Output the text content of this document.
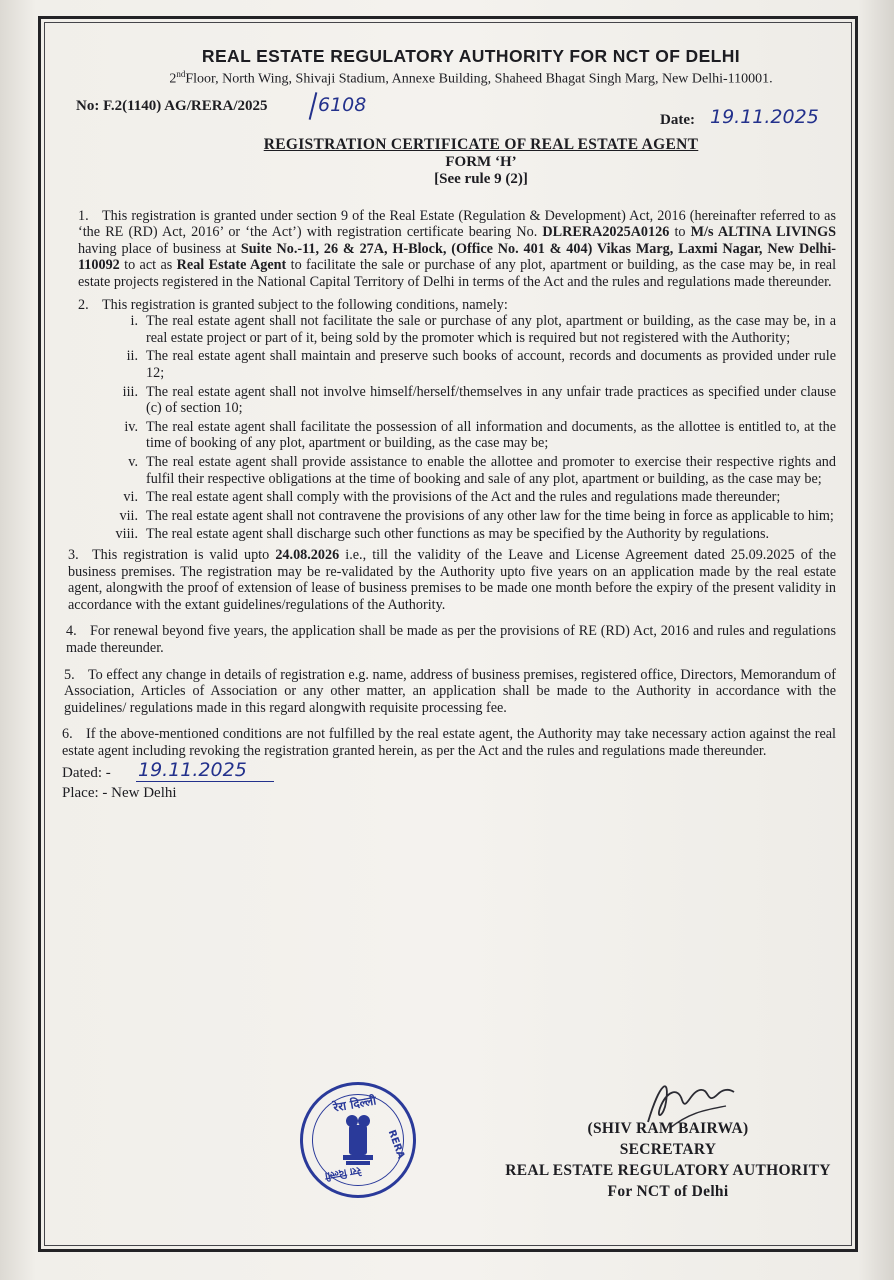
REAL ESTATE REGULATORY AUTHORITY FOR NCT OF DELHI
2ndFloor, North Wing, Shivaji Stadium, Annexe Building, Shaheed Bhagat Singh Marg, New Delhi-110001.
No: F.2(1140) AG/RERA/2025	6108
Date: 19.11.2025
REGISTRATION CERTIFICATE OF REAL ESTATE AGENT
FORM ‘H’
[See rule 9 (2)]

1. This registration is granted under section 9 of the Real Estate (Regulation & Development) Act, 2016 (hereinafter referred to as ‘the RE (RD) Act, 2016’ or ‘the Act’) with registration certificate bearing No. DLRERA2025A0126 to M/s ALTINA LIVINGS having place of business at Suite No.-11, 26 & 27A, H-Block, (Office No. 401 & 404) Vikas Marg, Laxmi Nagar, New Delhi-110092 to act as Real Estate Agent to facilitate the sale or purchase of any plot, apartment or building, as the case may be, in real estate projects registered in the National Capital Territory of Delhi in terms of the Act and the rules and regulations made thereunder.

2. This registration is granted subject to the following conditions, namely:

i. The real estate agent shall not facilitate the sale or purchase of any plot, apartment or building, as the case may be, in a real estate project or part of it, being sold by the promoter which is required but not registered with the Authority;
ii. The real estate agent shall maintain and preserve such books of account, records and documents as provided under rule 12;
iii. The real estate agent shall not involve himself/herself/themselves in any unfair trade practices as specified under clause (c) of section 10;
iv. The real estate agent shall facilitate the possession of all information and documents, as the allottee is entitled to, at the time of booking of any plot, apartment or building, as the case may be;
v. The real estate agent shall provide assistance to enable the allottee and promoter to exercise their respective rights and fulfil their respective obligations at the time of booking and sale of any plot, apartment or building, as the case may be;
vi. The real estate agent shall comply with the provisions of the Act and the rules and regulations made thereunder;
vii. The real estate agent shall not contravene the provisions of any other law for the time being in force as applicable to him;
viii. The real estate agent shall discharge such other functions as may be specified by the Authority by regulations.

3. This registration is valid upto 24.08.2026 i.e., till the validity of the Leave and License Agreement dated 25.09.2025 of the business premises. The registration may be re-validated by the Authority upto five years on an application made by the real estate agent, alongwith the proof of extension of lease of business premises to be made one month before the expiry of the present validity in accordance with the extant guidelines/regulations of the Authority.

4. For renewal beyond five years, the application shall be made as per the provisions of RE (RD) Act, 2016 and rules and regulations made thereunder.

5. To effect any change in details of registration e.g. name, address of business premises, registered office, Directors, Memorandum of Association, Articles of Association or any other matter, an application shall be made to the Authority in accordance with the guidelines/ regulations made in this regard alongwith requisite processing fee.

6. If the above-mentioned conditions are not fulfilled by the real estate agent, the Authority may take necessary action against the real estate agent including revoking the registration granted herein, as per the Act and the rules and regulations made thereunder.

Dated: - 19.11.2025
Place: - New Delhi
रेरा दिल्ली
RERA
रेरा दिल्ली
(SHIV RAM BAIRWA)
SECRETARY
REAL ESTATE REGULATORY AUTHORITY
For NCT of Delhi
